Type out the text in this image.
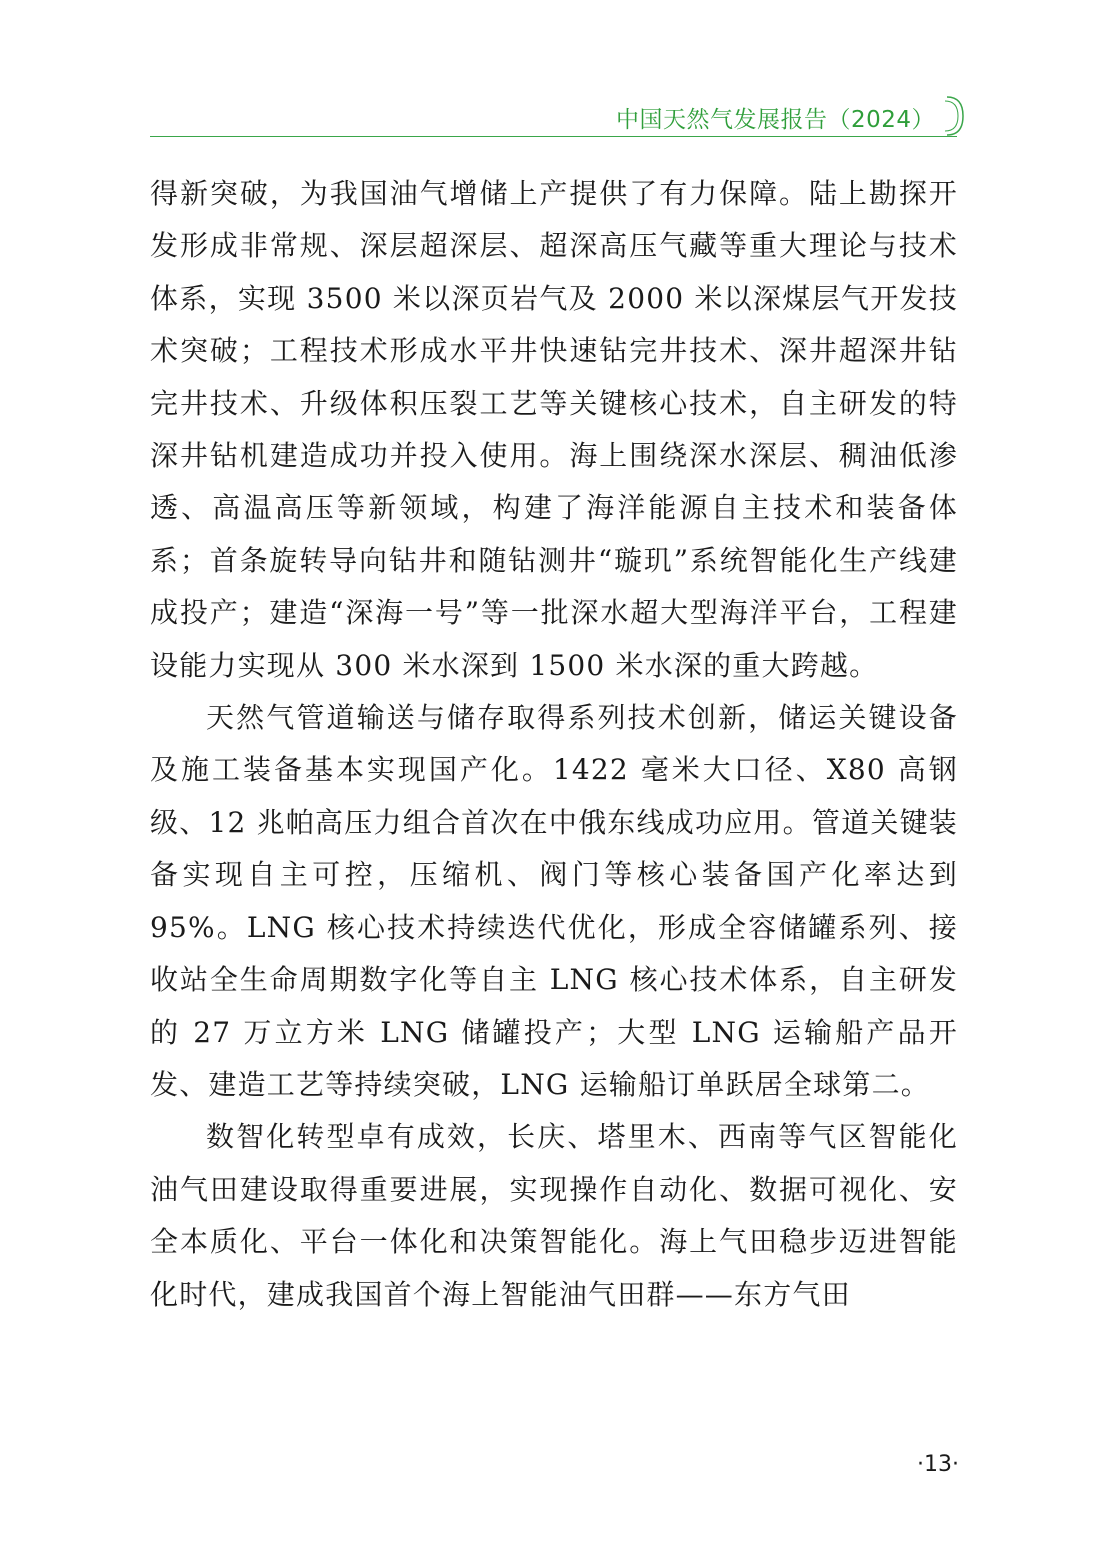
中国天然气发展报告（2024）

得新突破，为我国油气增储上产提供了有力保障。陆上勘探开发形成非常规、深层超深层、超深高压气藏等重大理论与技术体系，实现 3500 米以深页岩气及 2000 米以深煤层气开发技术突破；工程技术形成水平井快速钻完井技术、深井超深井钻完井技术、升级体积压裂工艺等关键核心技术，自主研发的特深井钻机建造成功并投入使用。海上围绕深水深层、稠油低渗透、高温高压等新领域，构建了海洋能源自主技术和装备体系；首条旋转导向钻井和随钻测井“璇玑”系统智能化生产线建成投产；建造“深海一号”等一批深水超大型海洋平台，工程建设能力实现从 300 米水深到 1500 米水深的重大跨越。

天然气管道输送与储存取得系列技术创新，储运关键设备及施工装备基本实现国产化。1422 毫米大口径、X80 高钢级、12 兆帕高压力组合首次在中俄东线成功应用。管道关键装备实现自主可控，压缩机、阀门等核心装备国产化率达到 95%。LNG 核心技术持续迭代优化，形成全容储罐系列、接收站全生命周期数字化等自主 LNG 核心技术体系，自主研发的 27 万立方米 LNG 储罐投产；大型 LNG 运输船产品开发、建造工艺等持续突破，LNG 运输船订单跃居全球第二。

数智化转型卓有成效，长庆、塔里木、西南等气区智能化油气田建设取得重要进展，实现操作自动化、数据可视化、安全本质化、平台一体化和决策智能化。海上气田稳步迈进智能化时代，建成我国首个海上智能油气田群——东方气田

·13·
